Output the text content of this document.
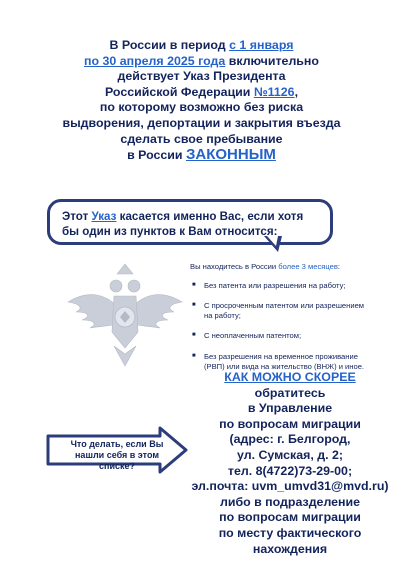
В России в период с 1 января
по 30 апреля 2025 года включительно
действует Указ Президента
Российской Федерации №1126,
по которому возможно без риска
выдворения, депортации и закрытия въезда
сделать свое пребывание
в России ЗАКОННЫМ
Этот Указ касается именно Вас, если хотя бы один из пунктов к Вам относится:
Вы находитесь в России более 3 месяцев:
■ Без патента или разрешения на работу;
■ С просроченным патентом или разрешением на работу;
■ С неоплаченным патентом;
■ Без разрешения на временное проживание (РВП) или вида на жительство (ВНЖ) и иное.
КАК МОЖНО СКОРЕЕ
обратитесь
в Управление
по вопросам миграции
(адрес: г. Белгород,
ул. Сумская, д. 2;
тел. 8(4722)73-29-00;
эл.почта: uvm_umvd31@mvd.ru)
либо в подразделение
по вопросам миграции
по месту фактического
нахождения
Что делать, если Вы нашли себя в этом списке?
